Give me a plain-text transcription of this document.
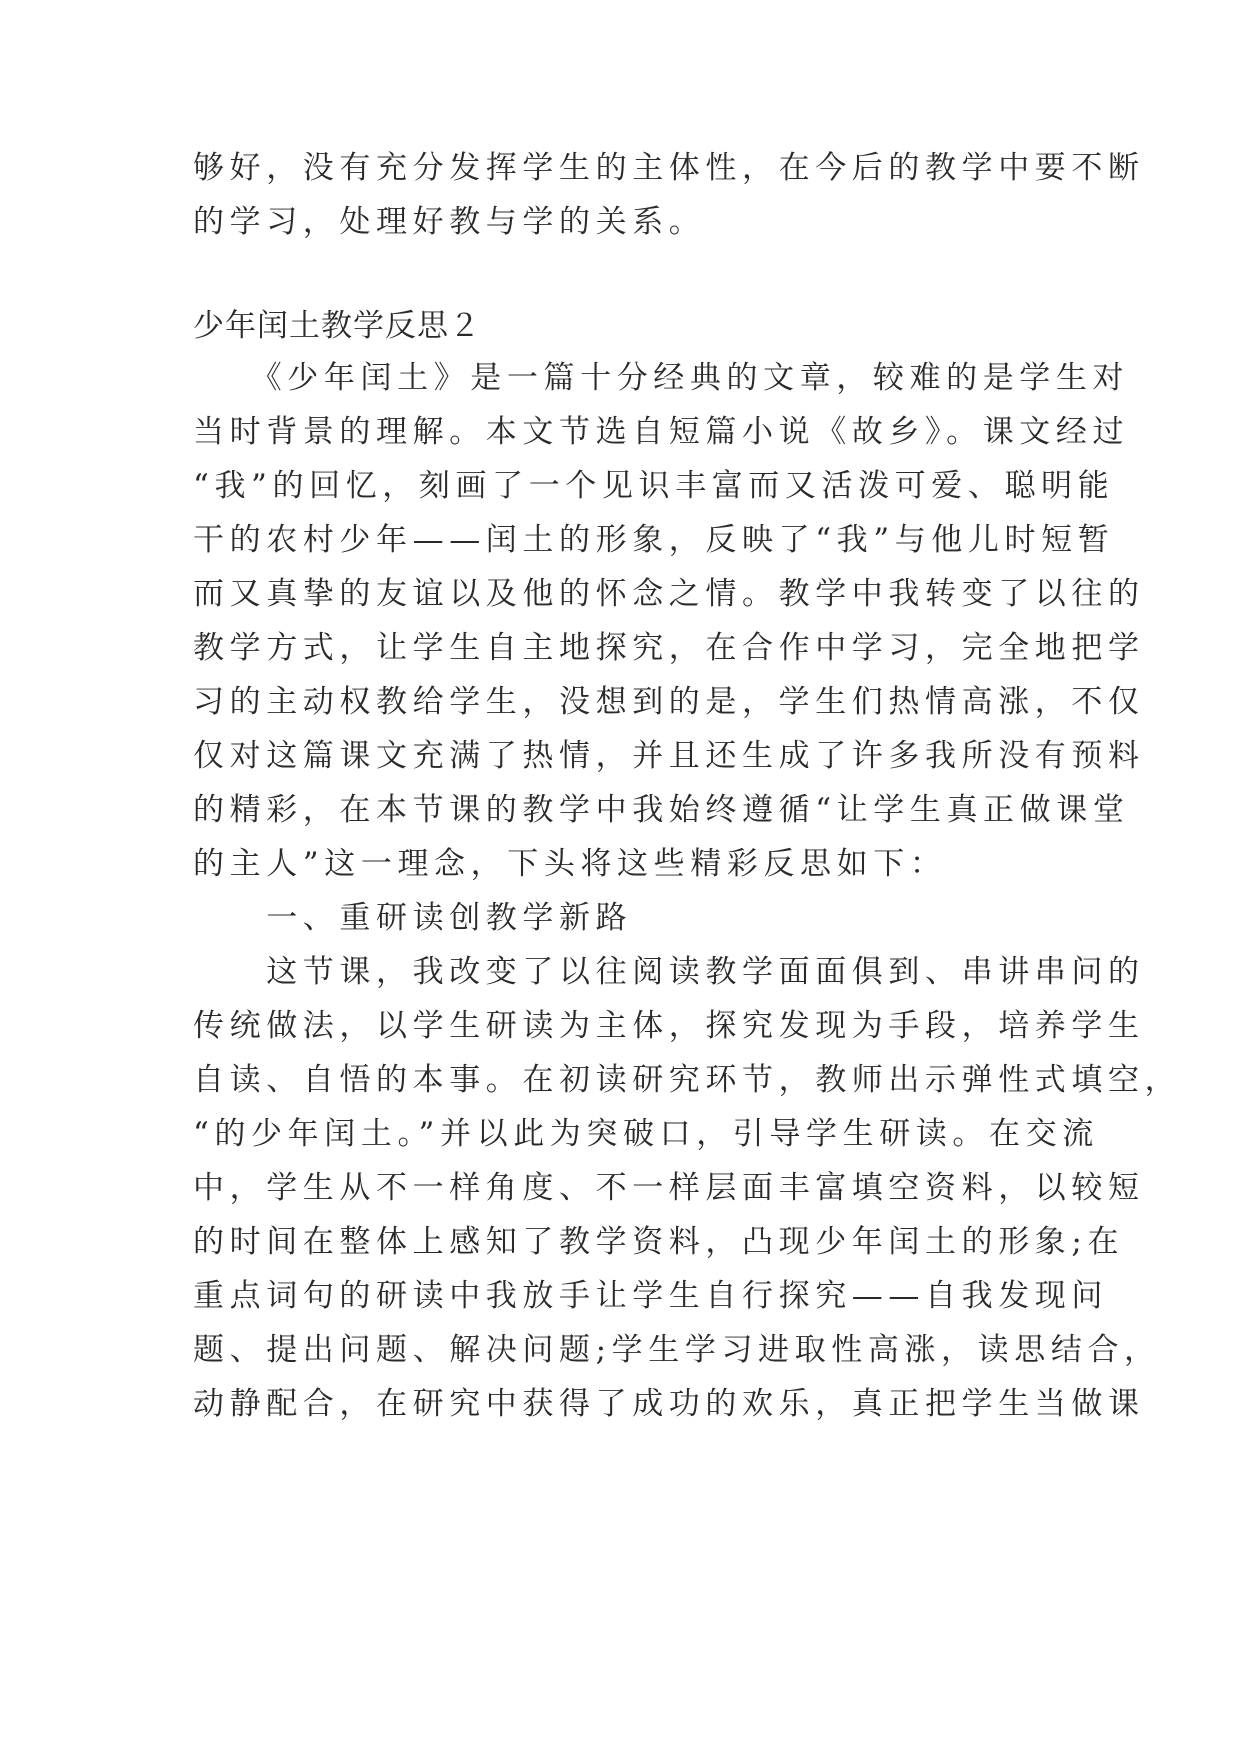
够好，没有充分发挥学生的主体性，在今后的教学中要不断
的学习，处理好教与学的关系。
少年闰土教学反思２
　　《少年闰土》是一篇十分经典的文章，较难的是学生对
当时背景的理解。本文节选自短篇小说《故乡》。课文经过
“我”的回忆，刻画了一个见识丰富而又活泼可爱、聪明能
干的农村少年——闰土的形象，反映了“我”与他儿时短暂
而又真挚的友谊以及他的怀念之情。教学中我转变了以往的
教学方式，让学生自主地探究，在合作中学习，完全地把学
习的主动权教给学生，没想到的是，学生们热情高涨，不仅
仅对这篇课文充满了热情，并且还生成了许多我所没有预料
的精彩，在本节课的教学中我始终遵循“让学生真正做课堂
的主人”这一理念，下头将这些精彩反思如下：
　　一、重研读创教学新路
　　这节课，我改变了以往阅读教学面面俱到、串讲串问的
传统做法，以学生研读为主体，探究发现为手段，培养学生
自读、自悟的本事。在初读研究环节，教师出示弹性式填空，
“的少年闰土。”并以此为突破口，引导学生研读。在交流
中，学生从不一样角度、不一样层面丰富填空资料，以较短
的时间在整体上感知了教学资料，凸现少年闰土的形象;在
重点词句的研读中我放手让学生自行探究——自我发现问
题、提出问题、解决问题;学生学习进取性高涨，读思结合，
动静配合，在研究中获得了成功的欢乐，真正把学生当做课
